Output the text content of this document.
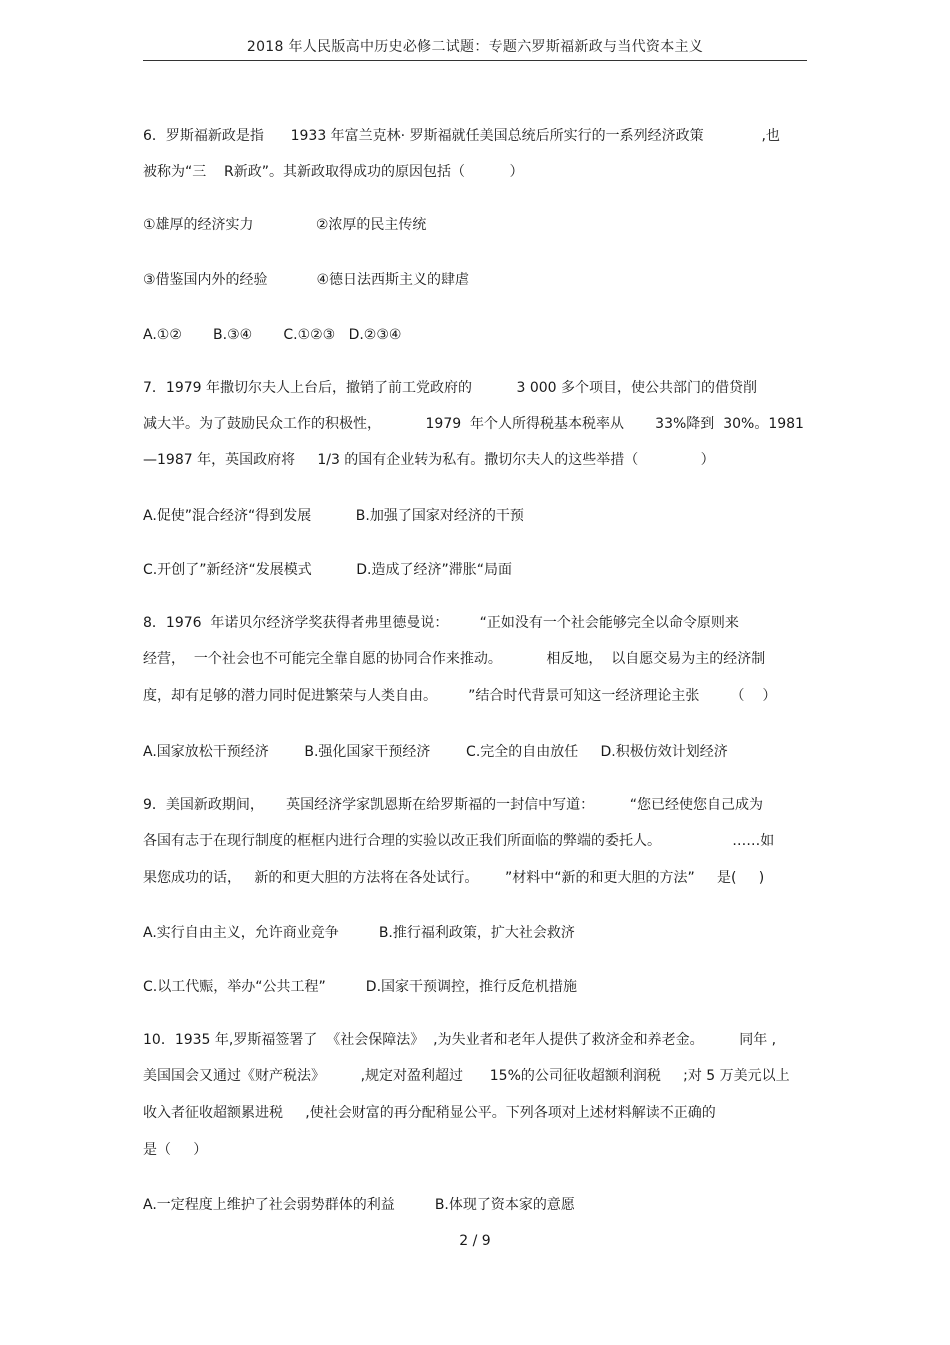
2018 年人民版高中历史必修二试题：专题六罗斯福新政与当代资本主义
6．罗斯福新政是指      1933 年富兰克林· 罗斯福就任美国总统后所实行的一系列经济政策             ,也
被称为“三    R新政”。其新政取得成功的原因包括（          ）
①雄厚的经济实力              ②浓厚的民主传统
③借鉴国内外的经验           ④德日法西斯主义的肆虐
A.①②       B.③④       C.①②③   D.②③④
7．1979 年撒切尔夫人上台后，撤销了前工党政府的          3 000 多个项目，使公共部门的借贷削
减大半。为了鼓励民众工作的积极性，          1979  年个人所得税基本税率从       33%降到  30%。1981
—1987 年，英国政府将     1/3 的国有企业转为私有。撒切尔夫人的这些举措（              ）
A.促使”混合经济“得到发展          B.加强了国家对经济的干预
C.开创了”新经济“发展模式          D.造成了经济”滞胀“局面
8．1976  年诺贝尔经济学奖获得者弗里德曼说：       “正如没有一个社会能够完全以命令原则来
经营，  一个社会也不可能完全靠自愿的协同合作来推动。          相反地，  以自愿交易为主的经济制
度，却有足够的潜力同时促进繁荣与人类自由。       ”结合时代背景可知这一经济理论主张       （    ）
A.国家放松干预经济        B.强化国家干预经济        C.完全的自由放任     D.积极仿效计划经济
9．美国新政期间，     英国经济学家凯恩斯在给罗斯福的一封信中写道：        “您已经使您自己成为
各国有志于在现行制度的框框内进行合理的实验以改正我们所面临的弊端的委托人。                ……如
果您成功的话，   新的和更大胆的方法将在各处试行。      ”材料中“新的和更大胆的方法”     是(     )
A.实行自由主义，允许商业竞争         B.推行福利政策，扩大社会救济
C.以工代赈，举办“公共工程”         D.国家干预调控，推行反危机措施
10．1935 年,罗斯福签署了  《社会保障法》  ,为失业者和老年人提供了救济金和养老金。        同年 ,
美国国会又通过《财产税法》        ,规定对盈利超过      15%的公司征收超额利润税     ;对 5 万美元以上
收入者征收超额累进税     ,使社会财富的再分配稍显公平。下列各项对上述材料解读不正确的
是（     ）
A.一定程度上维护了社会弱势群体的利益         B.体现了资本家的意愿
2 / 9
